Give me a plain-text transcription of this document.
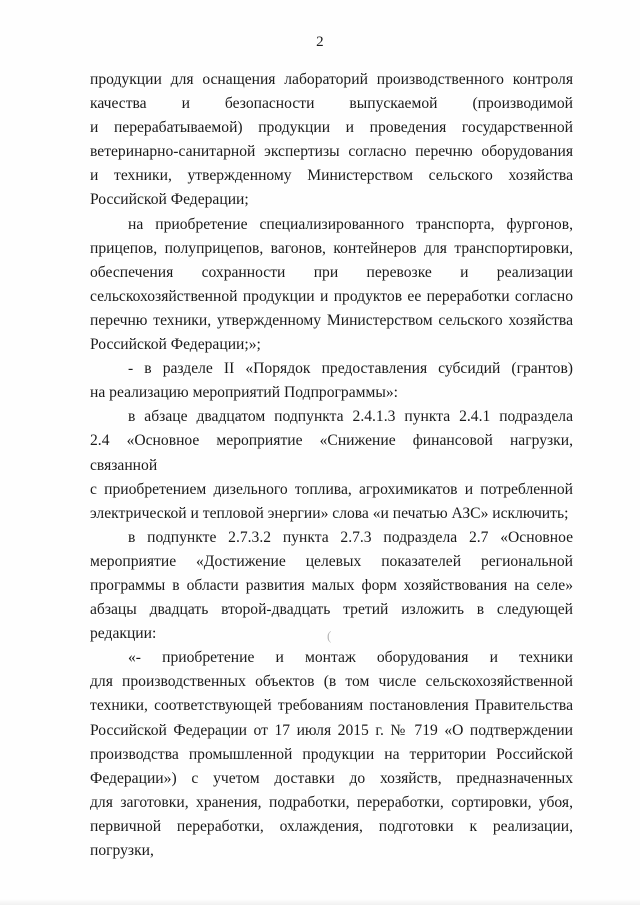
2

продукции для оснащения лабораторий производственного контроля

качества и безопасности выпускаемой (производимой

и перерабатываемой) продукции и проведения государственной

ветеринарно-санитарной экспертизы согласно перечню оборудования

и техники, утвержденному Министерством сельского хозяйства

Российской Федерации;

на приобретение специализированного транспорта, фургонов,

прицепов, полуприцепов, вагонов, контейнеров для транспортировки,

обеспечения сохранности при перевозке и реализации

сельскохозяйственной продукции и продуктов ее переработки согласно

перечню техники, утвержденному Министерством сельского хозяйства

Российской Федерации;»;

- в разделе II «Порядок предоставления субсидий (грантов)

на реализацию мероприятий Подпрограммы»:

в абзаце двадцатом подпункта 2.4.1.3 пункта 2.4.1 подраздела

2.4 «Основное мероприятие «Снижение финансовой нагрузки, связанной

с приобретением дизельного топлива, агрохимикатов и потребленной

электрической и тепловой энергии» слова «и печатью АЗС» исключить;

в подпункте 2.7.3.2 пункта 2.7.3 подраздела 2.7 «Основное

мероприятие «Достижение целевых показателей региональной

программы в области развития малых форм хозяйствования на селе»

абзацы двадцать второй-двадцать третий изложить в следующей

редакции:

«- приобретение и монтаж оборудования и техники

для производственных объектов (в том числе сельскохозяйственной

техники, соответствующей требованиям постановления Правительства

Российской Федерации от 17 июля 2015 г. № 719 «О подтверждении

производства промышленной продукции на территории Российской

Федерации») с учетом доставки до хозяйств, предназначенных

для заготовки, хранения, подработки, переработки, сортировки, убоя,

первичной переработки, охлаждения, подготовки к реализации, погрузки,

(
